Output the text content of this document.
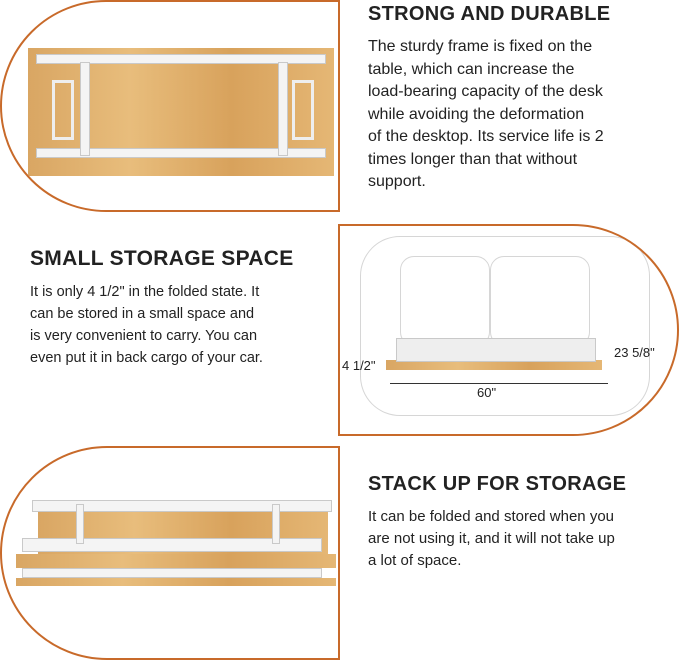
STRONG AND DURABLE
The sturdy frame is fixed on the
table, which can increase the
load-bearing capacity of the desk
while avoiding the deformation
of the desktop. Its service life is 2
times longer than that without
support.
SMALL STORAGE SPACE
It is only 4 1/2" in the folded state. It
can be stored in a small space and
is very convenient to carry. You can
even put it in back cargo of your car.
60"
4 1/2"
23 5/8"
STACK UP FOR STORAGE
It can be folded and stored when you
are not using it, and it will not take up
a lot of space.
